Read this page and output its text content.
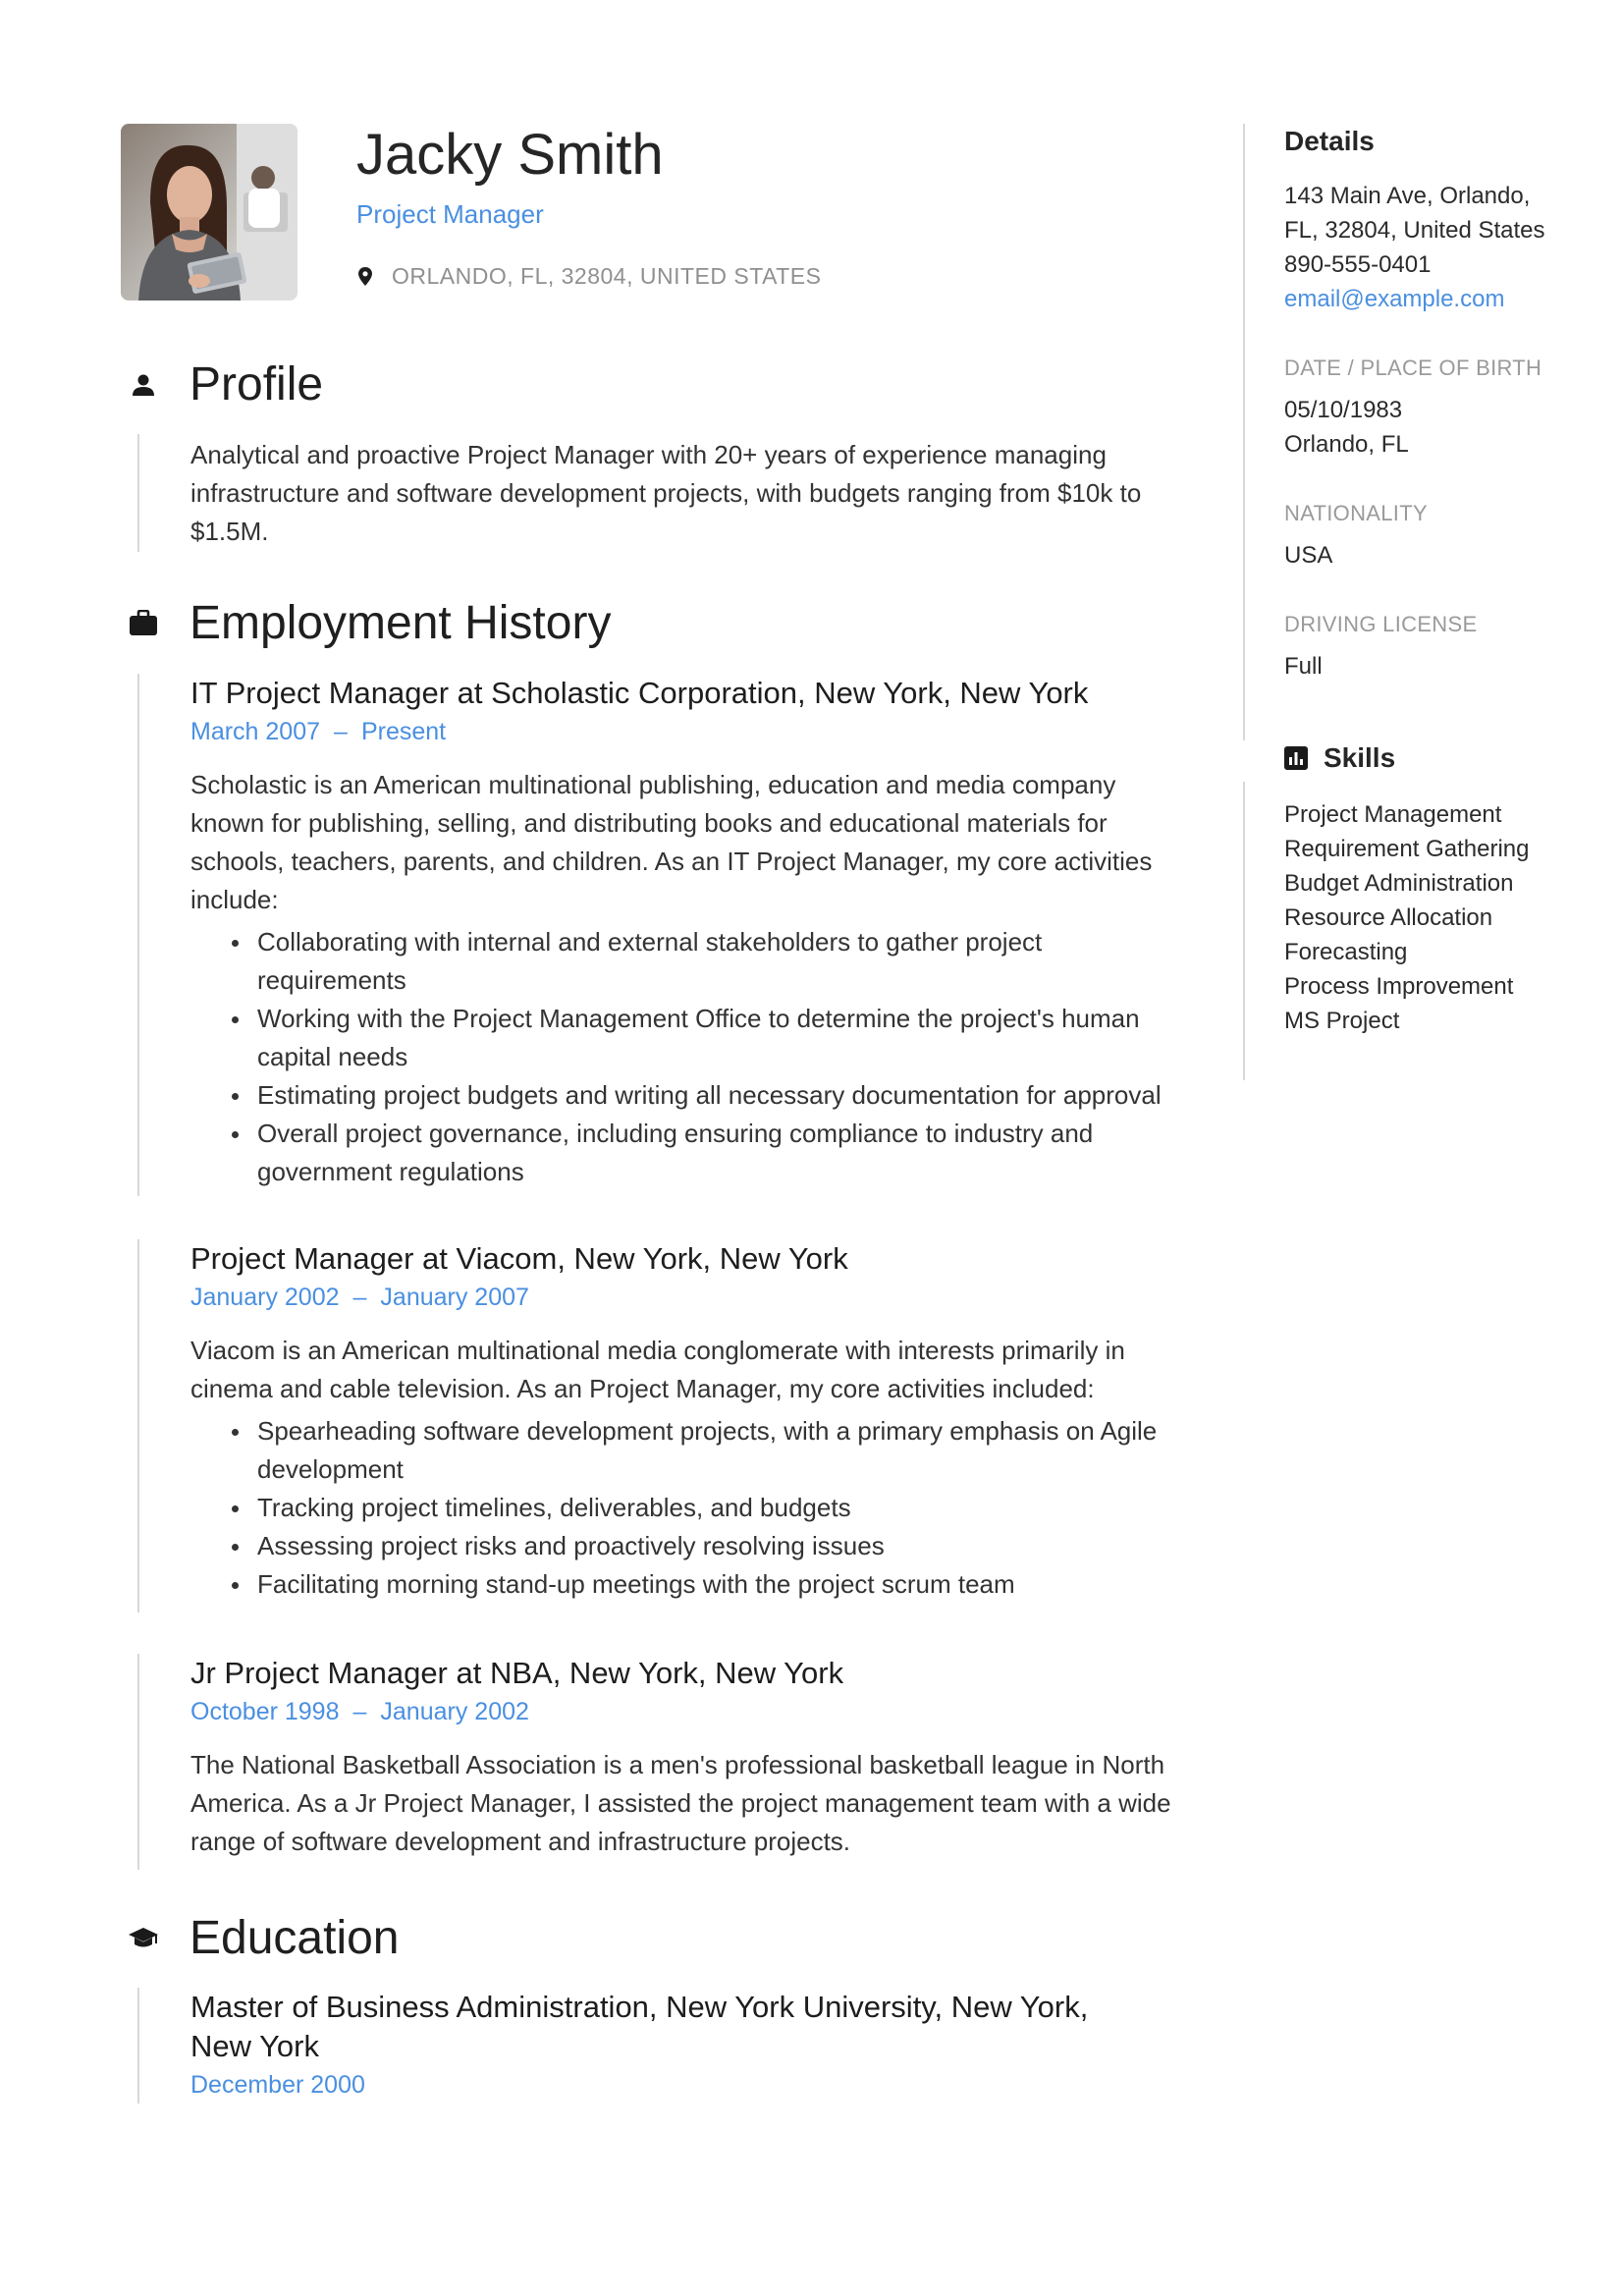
Jacky Smith
Project Manager
ORLANDO, FL, 32804, UNITED STATES
Profile

Analytical and proactive Project Manager with 20+ years of experience managing infrastructure and software development projects, with budgets ranging from $10k to $1.5M.

Employment History
IT Project Manager at Scholastic Corporation, New York, New York
March 2007 – Present

Scholastic is an American multinational publishing, education and media company known for publishing, selling, and distributing books and educational materials for schools, teachers, parents, and children. As an IT Project Manager, my core activities include:

Collaborating with internal and external stakeholders to gather project requirements
Working with the Project Management Office to determine the project's human capital needs
Estimating project budgets and writing all necessary documentation for approval
Overall project governance, including ensuring compliance to industry and government regulations
Project Manager at Viacom, New York, New York
January 2002 – January 2007

Viacom is an American multinational media conglomerate with interests primarily in cinema and cable television. As an Project Manager, my core activities included:

Spearheading software development projects, with a primary emphasis on Agile development
Tracking project timelines, deliverables, and budgets
Assessing project risks and proactively resolving issues
Facilitating morning stand-up meetings with the project scrum team
Jr Project Manager at NBA, New York, New York
October 1998 – January 2002

The National Basketball Association is a men's professional basketball league in North America. As a Jr Project Manager, I assisted the project management team with a wide range of software development and infrastructure projects.

Education
Master of Business Administration, New York University, New York, New York
December 2000
Details
143 Main Ave, Orlando, FL, 32804, United States
890-555-0401
email@example.com
DATE / PLACE OF BIRTH
05/10/1983
Orlando, FL
NATIONALITY
USA
DRIVING LICENSE
Full
Skills
Project Management
Requirement Gathering
Budget Administration
Resource Allocation
Forecasting
Process Improvement
MS Project
